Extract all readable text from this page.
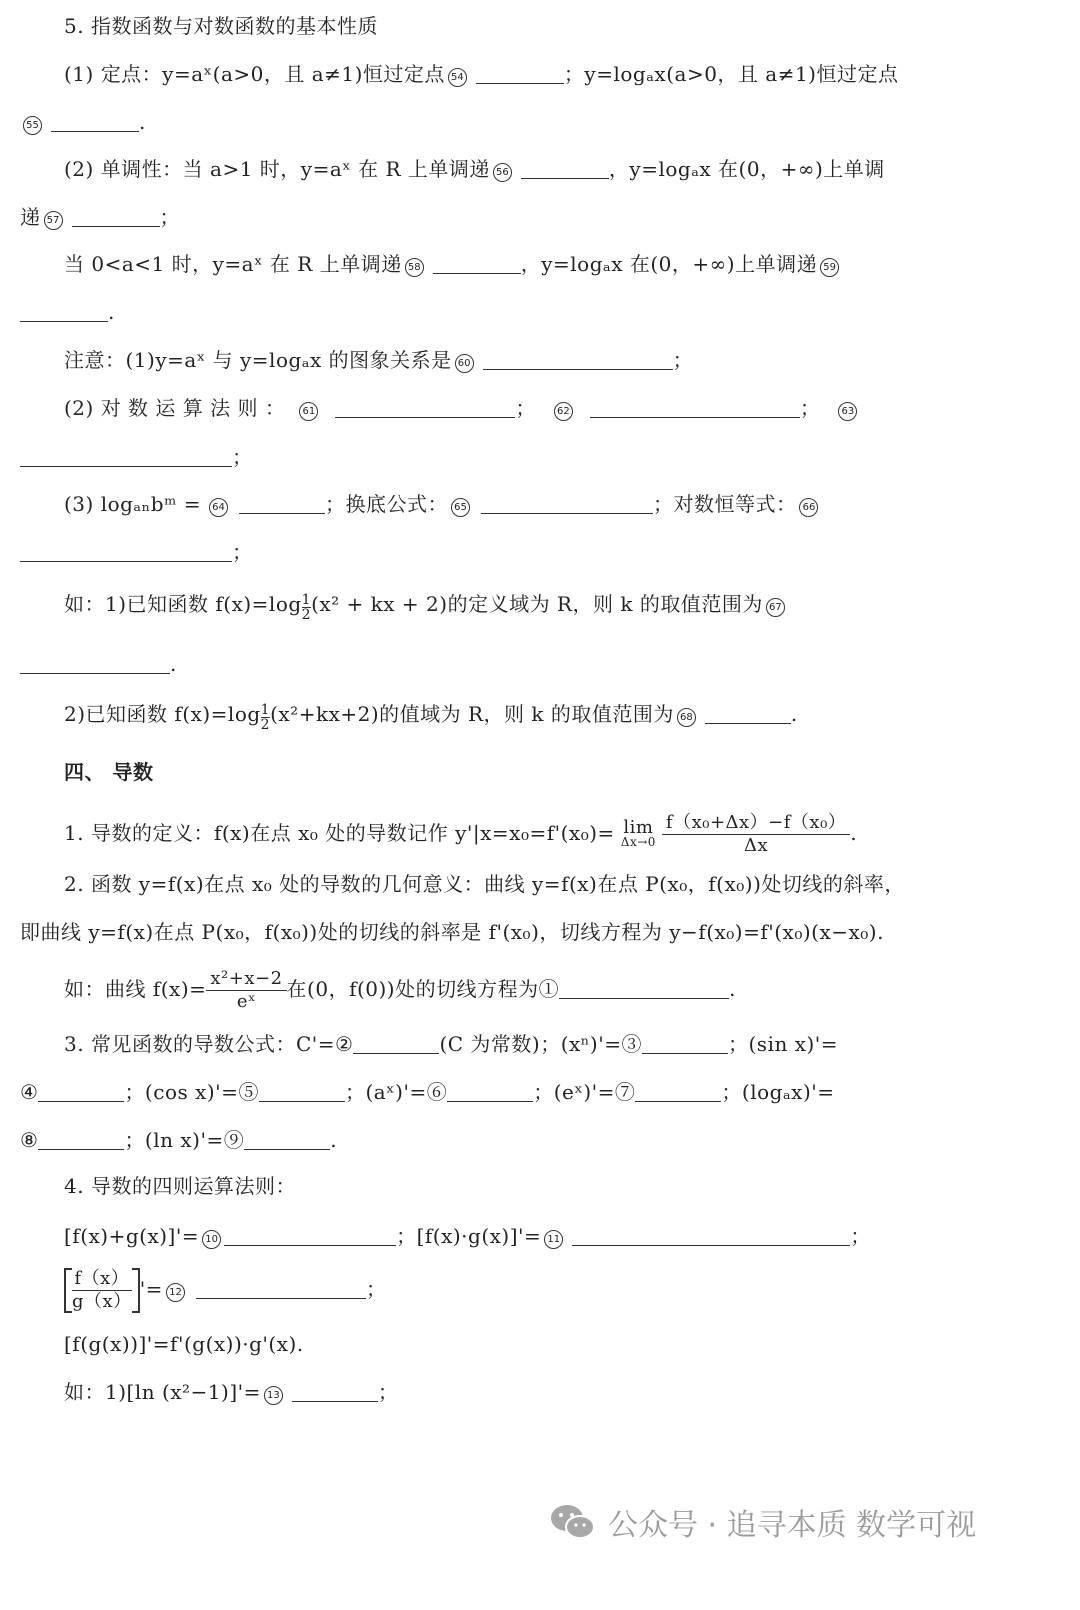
5. 指数函数与对数函数的基本性质
(1) 定点：y=aˣ(a>0，且 a≠1)恒过定点 54	；y=logₐx(a>0，且 a≠1)恒过定点
55	.
(2) 单调性：当 a>1 时，y=aˣ 在 R 上单调递 56	，y=logₐx 在(0，+∞)上单调
递 57	；
当 0<a<1 时，y=aˣ 在 R 上单调递 58	，y=logₐx 在(0，+∞)上单调递 59
.
注意：(1)y=aˣ 与 y=logₐx 的图象关系是 60	；
(2) 对 数 运 算 法 则 ： 61	； 62	； 63
；
(3) logₐₙbᵐ = 64	；换底公式： 65	；对数恒等式： 66
；
如：1)已知函数 $f(x)=\log \frac{1}{2}(x^2$ + kx + 2)的定义域为 R，则 k 的取值范围为 67
.
2)已知函数 $f(x)=\log \frac{1}{2}(x^2+kx+2)$的值域为 R，则 k 的取值范围为 68	.
四、 导数
1. 导数的定义：f(x)在点 x₀ 处的导数记作 y'|x=x₀=f'(x₀)= lim
$\Delta x\to 0 \frac{\text{f（x₀+Δx）−f（x₀）}}{\Delta x}$ .
2. 函数 y=f(x)在点 x₀ 处的导数的几何意义：曲线 y=f(x)在点 P(x₀，f(x₀))处切线的斜率，
即曲线 y=f(x)在点 P(x₀，f(x₀))处的切线的斜率是 f'(x₀)，切线方程为 y−f(x₀)=f'(x₀)(x−x₀).
如：曲线 $f(x)= \frac{\text{x²+x−2}}{\text{eˣ}}$ 在(0，f(0))处的切线方程为①	.
3. 常见函数的导数公式：C'=②	(C 为常数)；(xⁿ)'=③	；(sin x)'=
④	；(cos x)'=⑤	；(aˣ)'=⑥	；(eˣ)'=⑦	；(logₐx)'=
⑧	；(ln x)'=⑨	.
4. 导数的四则运算法则：
[f(x)+g(x)]'= 10	；[f(x)·g(x)]'= 11	；
$\frac{f(x)}{g(x)}'= 12$	；
[f(g(x))]'=f'(g(x))·g'(x).
如：1)[ln (x²−1)]'= 13	；
公众号 · 追寻本质 数学可视
